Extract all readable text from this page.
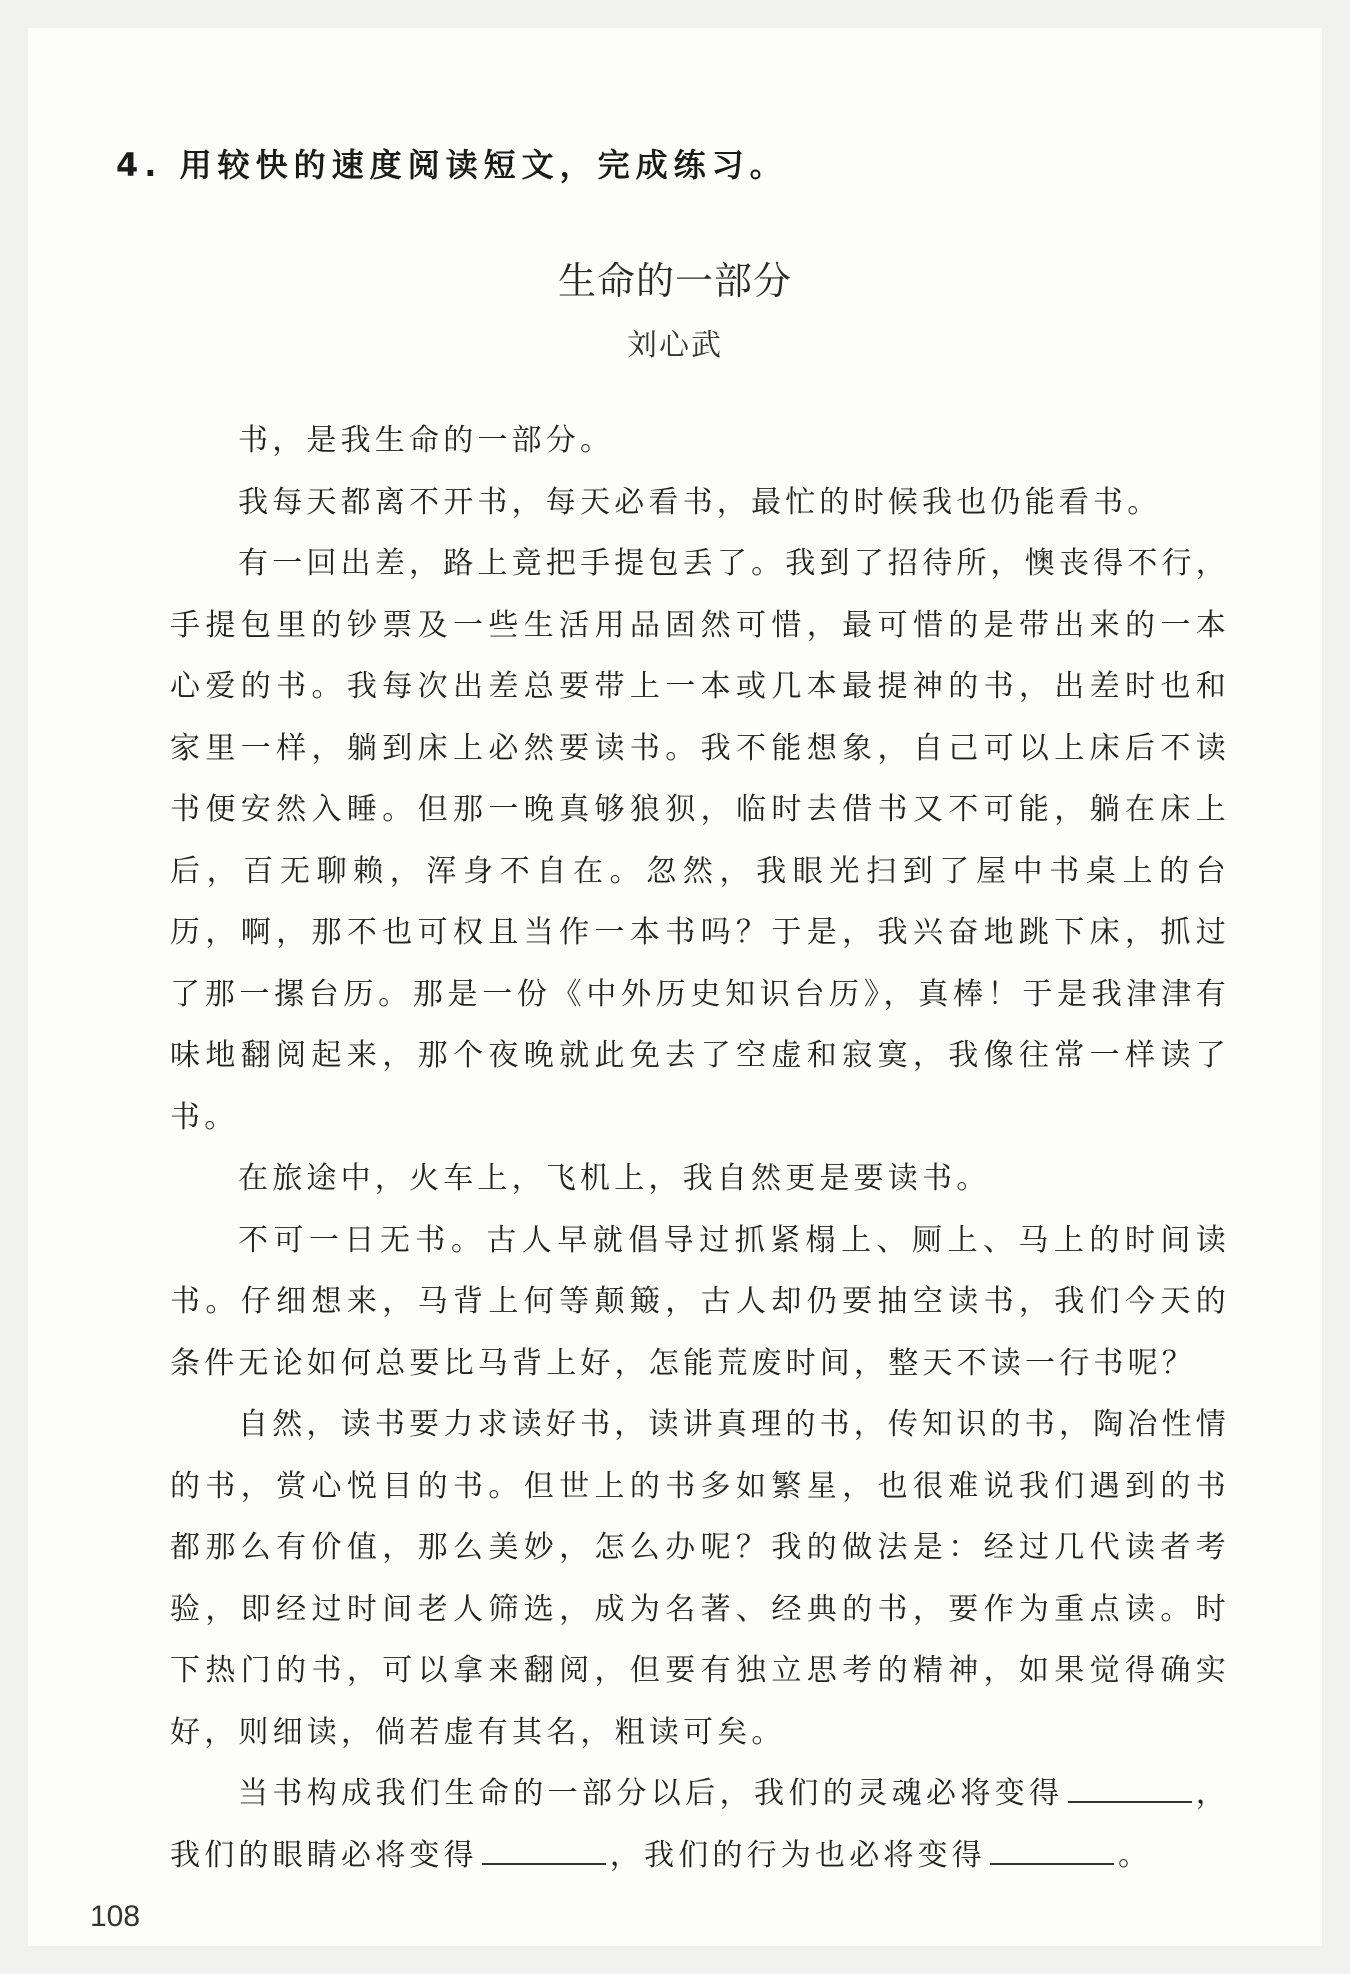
4. 用较快的速度阅读短文，完成练习。
生命的一部分
刘心武

书，是我生命的一部分。

我每天都离不开书，每天必看书，最忙的时候我也仍能看书。

有一回出差，路上竟把手提包丢了。我到了招待所，懊丧得不行，手提包里的钞票及一些生活用品固然可惜，最可惜的是带出来的一本心爱的书。我每次出差总要带上一本或几本最提神的书，出差时也和家里一样，躺到床上必然要读书。我不能想象，自己可以上床后不读书便安然入睡。但那一晚真够狼狈，临时去借书又不可能，躺在床上后，百无聊赖，浑身不自在。忽然，我眼光扫到了屋中书桌上的台历，啊，那不也可权且当作一本书吗？于是，我兴奋地跳下床，抓过了那一摞台历。那是一份《中外历史知识台历》，真棒！于是我津津有味地翻阅起来，那个夜晚就此免去了空虚和寂寞，我像往常一样读了书。

在旅途中，火车上，飞机上，我自然更是要读书。

不可一日无书。古人早就倡导过抓紧榻上、厕上、马上的时间读书。仔细想来，马背上何等颠簸，古人却仍要抽空读书，我们今天的条件无论如何总要比马背上好，怎能荒废时间，整天不读一行书呢？

自然，读书要力求读好书，读讲真理的书，传知识的书，陶冶性情的书，赏心悦目的书。但世上的书多如繁星，也很难说我们遇到的书都那么有价值，那么美妙，怎么办呢？我的做法是：经过几代读者考验，即经过时间老人筛选，成为名著、经典的书，要作为重点读。时下热门的书，可以拿来翻阅，但要有独立思考的精神，如果觉得确实好，则细读，倘若虚有其名，粗读可矣。

当书构成我们生命的一部分以后，我们的灵魂必将变得	，我们的眼睛必将变得	，我们的行为也必将变得	。

108
